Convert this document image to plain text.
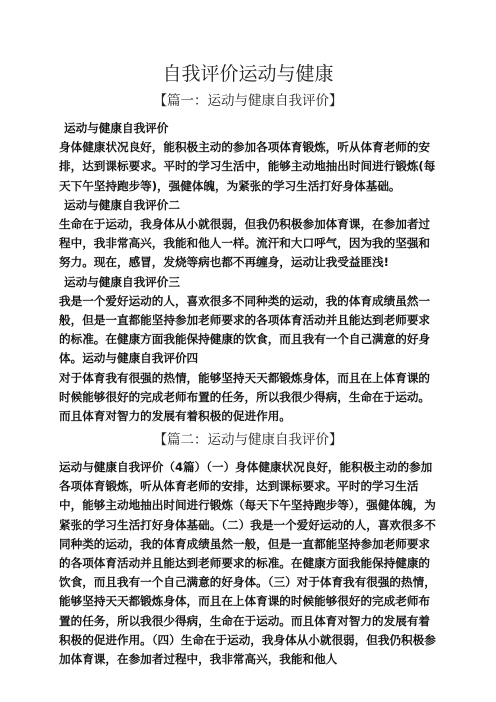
自我评价运动与健康
【篇一：运动与健康自我评价】

运动与健康自我评价

身体健康状况良好，能积极主动的参加各项体育锻炼，听从体育老师的安排，达到课标要求。平时的学习生活中，能够主动地抽出时间进行锻炼(每天下午坚持跑步等)，强健体魄，为紧张的学习生活打好身体基础。

运动与健康自我评价二

生命在于运动，我身体从小就很弱，但我仍积极参加体育课，在参加者过程中，我非常高兴，我能和他人一样。流汗和大口呼气，因为我的坚强和努力。现在，感冒，发烧等病也都不再缠身，运动让我受益匪浅!

运动与健康自我评价三

我是一个爱好运动的人，喜欢很多不同种类的运动，我的体育成绩虽然一般，但是一直都能坚持参加老师要求的各项体育活动并且能达到老师要求的标准。在健康方面我能保持健康的饮食，而且我有一个自己满意的好身体。运动与健康自我评价四

对于体育我有很强的热情，能够坚持天天都锻炼身体，而且在上体育课的时候能够很好的完成老师布置的任务，所以我很少得病，生命在于运动。而且体育对智力的发展有着积极的促进作用。

【篇二：运动与健康自我评价】

运动与健康自我评价（4篇）（一）身体健康状况良好，能积极主动的参加各项体育锻炼，听从体育老师的安排，达到课标要求。平时的学习生活中，能够主动地抽出时间进行锻炼（每天下午坚持跑步等），强健体魄，为紧张的学习生活打好身体基础。（二）我是一个爱好运动的人，喜欢很多不同种类的运动，我的体育成绩虽然一般，但是一直都能坚持参加老师要求的各项体育活动并且能达到老师要求的标准。在健康方面我能保持健康的饮食，而且我有一个自己满意的好身体。（三）对于体育我有很强的热情，能够坚持天天都锻炼身体，而且在上体育课的时候能够很好的完成老师布置的任务，所以我很少得病，生命在于运动。而且体育对智力的发展有着积极的促进作用。（四）生命在于运动，我身体从小就很弱，但我仍积极参加体育课，在参加者过程中，我非常高兴，我能和他人
